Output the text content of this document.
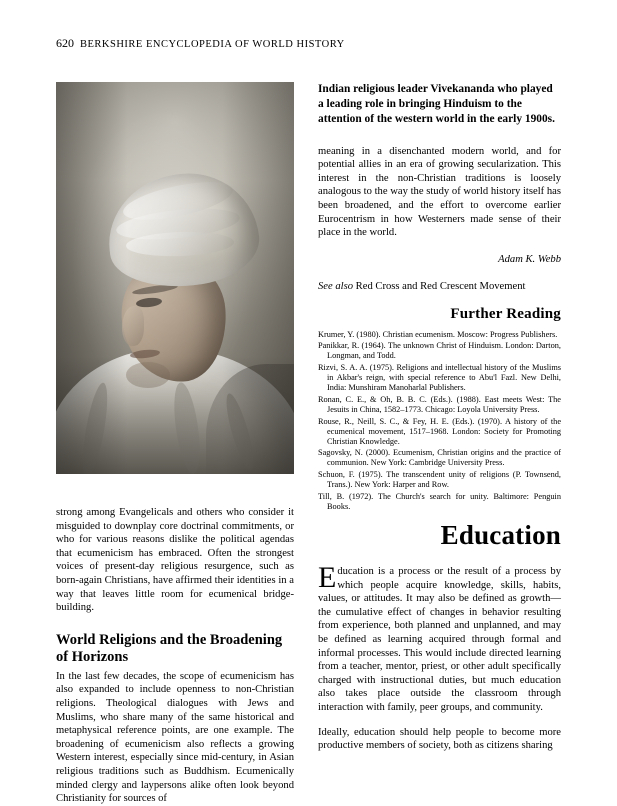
620 BERKSHIRE ENCYCLOPEDIA OF WORLD HISTORY

strong among Evangelicals and others who consider it misguided to downplay core doctrinal commitments, or who for various reasons dislike the political agendas that ecumenicism has embraced. Often the strongest voices of present-day religious resurgence, such as born-again Christians, have affirmed their identities in a way that leaves little room for ecumenical bridge-building.

World Religions and the Broadening of Horizons

In the last few decades, the scope of ecumenicism has also expanded to include openness to non-Christian religions. Theological dialogues with Jews and Muslims, who share many of the same historical and metaphysical reference points, are one example. The broadening of ecumenicism also reflects a growing Western interest, especially since mid-century, in Asian religious traditions such as Buddhism. Ecumenically minded clergy and laypersons alike often look beyond Christianity for sources of

Indian religious leader Vivekananda who played a leading role in bringing Hinduism to the attention of the western world in the early 1900s.

meaning in a disenchanted modern world, and for potential allies in an era of growing secularization. This interest in the non-Christian traditions is loosely analogous to the way the study of world history itself has been broadened, and the effort to overcome earlier Eurocentrism in how Westerners made sense of their place in the world.

Adam K. Webb

See also Red Cross and Red Crescent Movement

Further Reading
Krumer, Y. (1980). Christian ecumenism. Moscow: Progress Publishers.
Panikkar, R. (1964). The unknown Christ of Hinduism. London: Darton, Longman, and Todd.
Rizvi, S. A. A. (1975). Religions and intellectual history of the Muslims in Akbar's reign, with special reference to Abu'l Fazl. New Delhi, India: Munshiram Manoharlal Publishers.
Ronan, C. E., & Oh, B. B. C. (Eds.). (1988). East meets West: The Jesuits in China, 1582–1773. Chicago: Loyola University Press.
Rouse, R., Neill, S. C., & Fey, H. E. (Eds.). (1970). A history of the ecumenical movement, 1517–1968. London: Society for Promoting Christian Knowledge.
Sagovsky, N. (2000). Ecumenism, Christian origins and the practice of communion. New York: Cambridge University Press.
Schuon, F. (1975). The transcendent unity of religions (P. Townsend, Trans.). New York: Harper and Row.
Till, B. (1972). The Church's search for unity. Baltimore: Penguin Books.
Education

Education is a process or the result of a process by which people acquire knowledge, skills, habits, values, or attitudes. It may also be defined as growth—the cumulative effect of changes in behavior resulting from experience, both planned and unplanned, and may be defined as learning acquired through formal and informal processes. This would include directed learning from a teacher, mentor, priest, or other adult specifically charged with instructional duties, but much education also takes place outside the classroom through interaction with family, peer groups, and community.

Ideally, education should help people to become more productive members of society, both as citizens sharing
